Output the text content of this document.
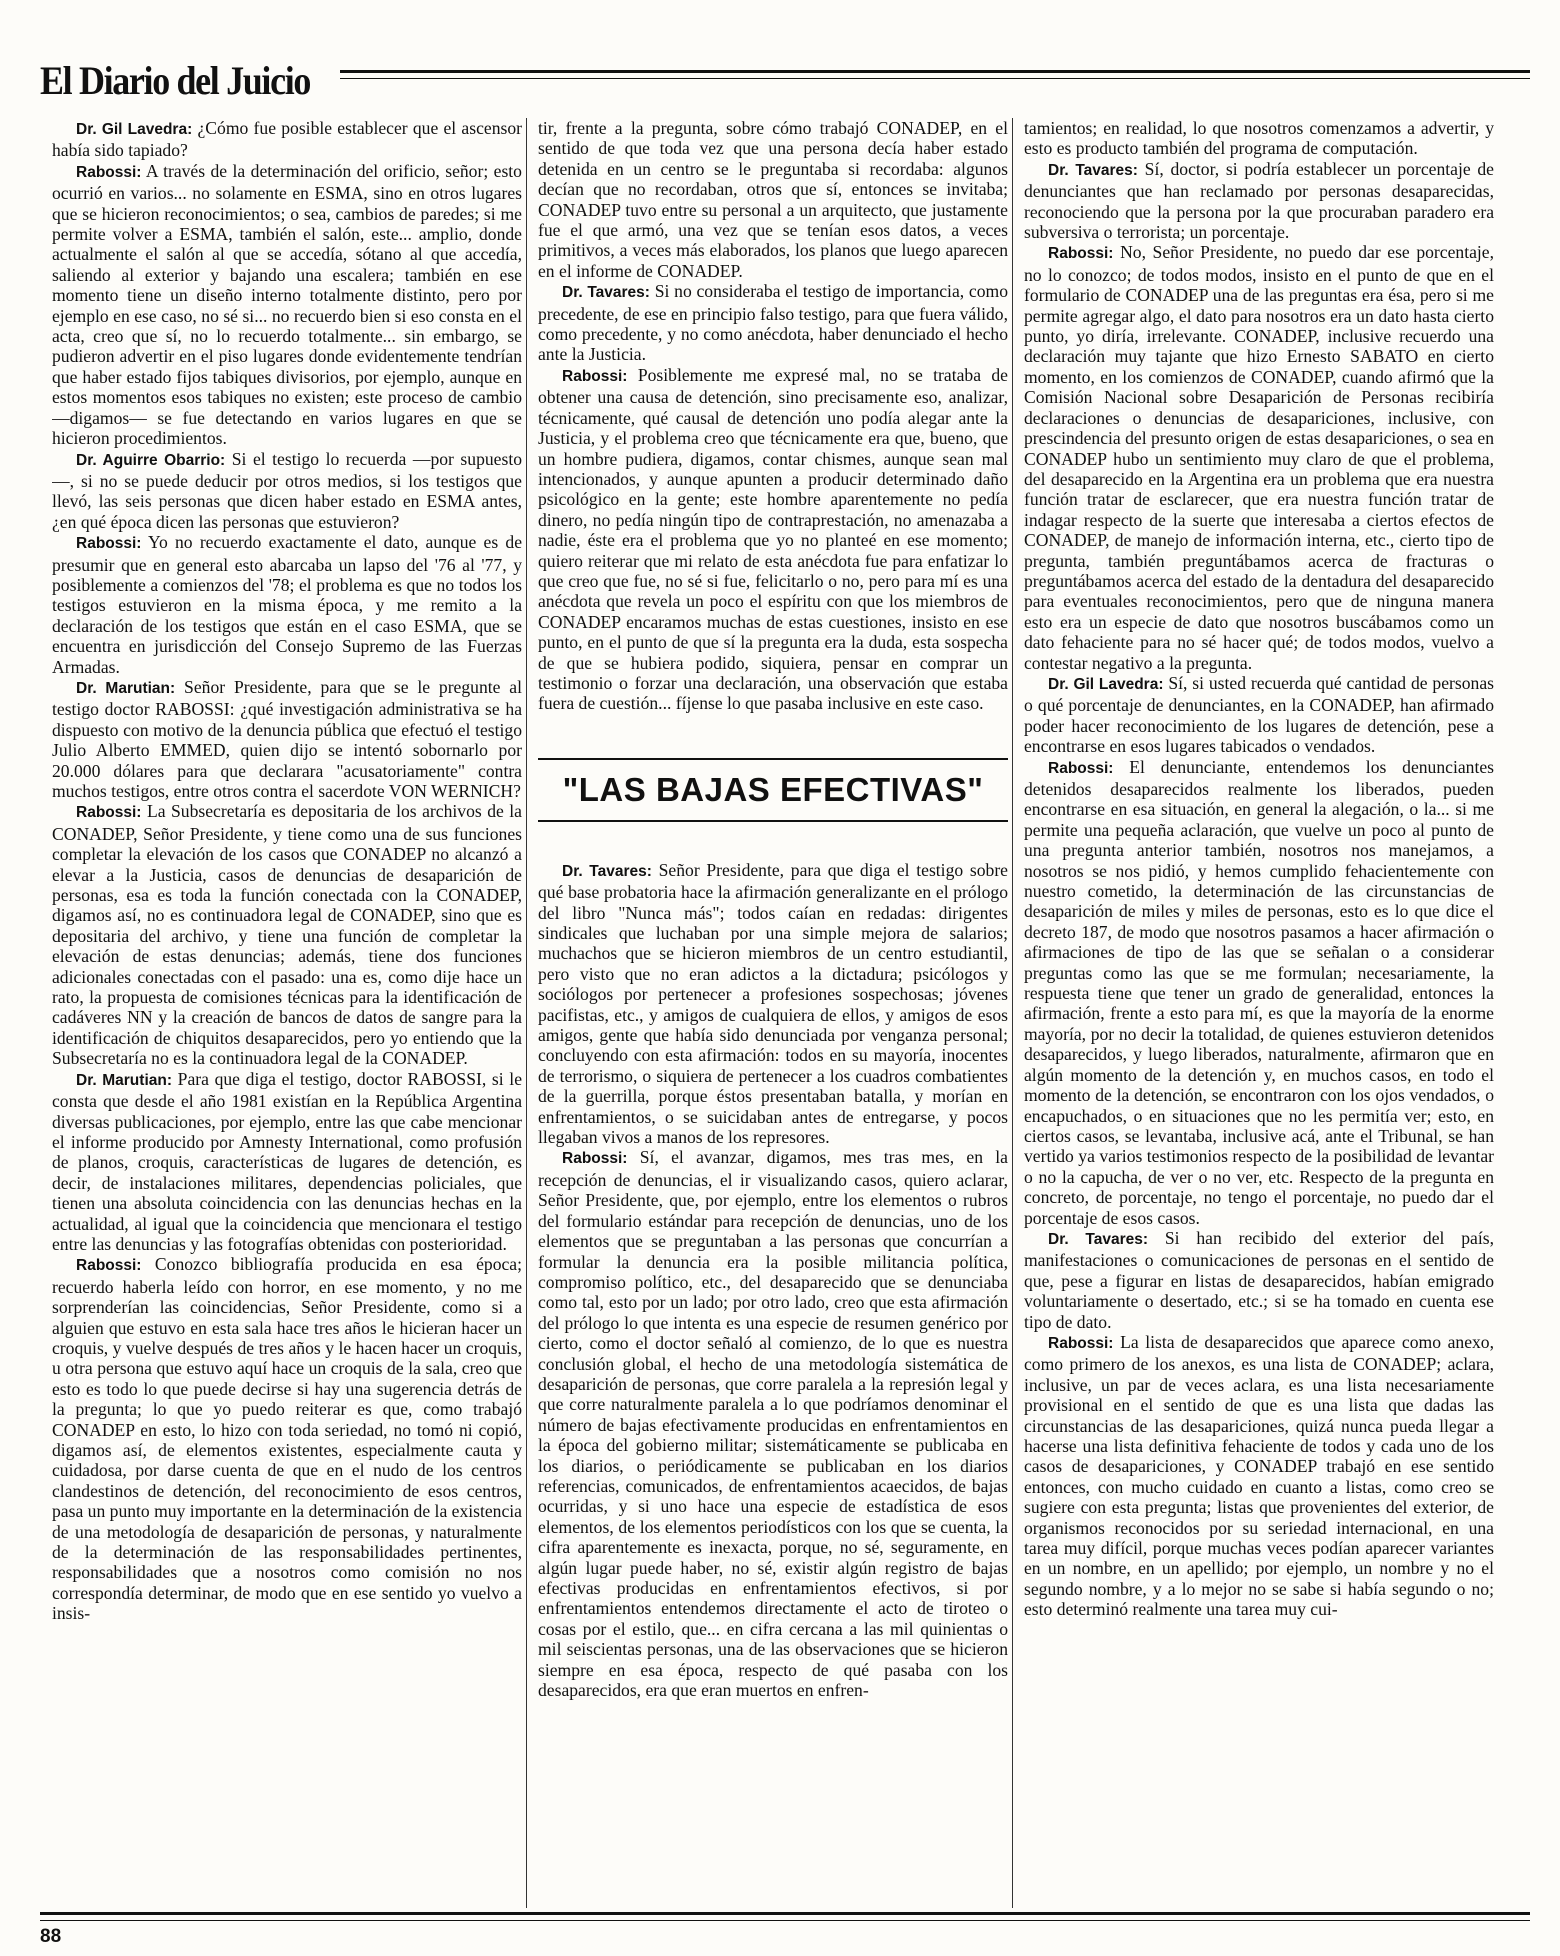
El Diario del Juicio

Dr. Gil Lavedra: ¿Cómo fue posible establecer que el ascensor había sido tapiado?

Rabossi: A través de la determinación del orificio, señor; esto ocurrió en varios... no solamente en ESMA, sino en otros lugares que se hicieron reconocimientos; o sea, cambios de paredes; si me permite volver a ESMA, también el salón, este... amplio, donde actualmente el salón al que se accedía, sótano al que accedía, saliendo al exterior y bajando una escalera; también en ese momento tiene un diseño interno totalmente distinto, pero por ejemplo en ese caso, no sé si... no recuerdo bien si eso consta en el acta, creo que sí, no lo recuerdo totalmente... sin embargo, se pudieron advertir en el piso lugares donde evidentemente tendrían que haber estado fijos tabiques divisorios, por ejemplo, aunque en estos momentos esos tabiques no existen; este proceso de cambio —digamos— se fue detectando en varios lugares en que se hicieron procedimientos.

Dr. Aguirre Obarrio: Si el testigo lo recuerda —por supuesto—, si no se puede deducir por otros medios, si los testigos que llevó, las seis personas que dicen haber estado en ESMA antes, ¿en qué época dicen las personas que estuvieron?

Rabossi: Yo no recuerdo exactamente el dato, aunque es de presumir que en general esto abarcaba un lapso del '76 al '77, y posiblemente a comienzos del '78; el problema es que no todos los testigos estuvieron en la misma época, y me remito a la declaración de los testigos que están en el caso ESMA, que se encuentra en jurisdicción del Consejo Supremo de las Fuerzas Armadas.

Dr. Marutian: Señor Presidente, para que se le pregunte al testigo doctor RABOSSI: ¿qué investigación administrativa se ha dispuesto con motivo de la denuncia pública que efectuó el testigo Julio Alberto EMMED, quien dijo se intentó sobornarlo por 20.000 dólares para que declarara "acusatoriamente" contra muchos testigos, entre otros contra el sacerdote VON WERNICH?

Rabossi: La Subsecretaría es depositaria de los archivos de la CONADEP, Señor Presidente, y tiene como una de sus funciones completar la elevación de los casos que CONADEP no alcanzó a elevar a la Justicia, casos de denuncias de desaparición de personas, esa es toda la función conectada con la CONADEP, digamos así, no es continuadora legal de CONADEP, sino que es depositaria del archivo, y tiene una función de completar la elevación de estas denuncias; además, tiene dos funciones adicionales conectadas con el pasado: una es, como dije hace un rato, la propuesta de comisiones técnicas para la identificación de cadáveres NN y la creación de bancos de datos de sangre para la identificación de chiquitos desaparecidos, pero yo entiendo que la Subsecretaría no es la continuadora legal de la CONADEP.

Dr. Marutian: Para que diga el testigo, doctor RABOSSI, si le consta que desde el año 1981 existían en la República Argentina diversas publicaciones, por ejemplo, entre las que cabe mencionar el informe producido por Amnesty International, como profusión de planos, croquis, características de lugares de detención, es decir, de instalaciones militares, dependencias policiales, que tienen una absoluta coincidencia con las denuncias hechas en la actualidad, al igual que la coincidencia que mencionara el testigo entre las denuncias y las fotografías obtenidas con posterioridad.

Rabossi: Conozco bibliografía producida en esa época; recuerdo haberla leído con horror, en ese momento, y no me sorprenderían las coincidencias, Señor Presidente, como si a alguien que estuvo en esta sala hace tres años le hicieran hacer un croquis, y vuelve después de tres años y le hacen hacer un croquis, u otra persona que estuvo aquí hace un croquis de la sala, creo que esto es todo lo que puede decirse si hay una sugerencia detrás de la pregunta; lo que yo puedo reiterar es que, como trabajó CONADEP en esto, lo hizo con toda seriedad, no tomó ni copió, digamos así, de elementos existentes, especialmente cauta y cuidadosa, por darse cuenta de que en el nudo de los centros clandestinos de detención, del reconocimiento de esos centros, pasa un punto muy importante en la determinación de la existencia de una metodología de desaparición de personas, y naturalmente de la determinación de las responsabilidades pertinentes, responsabilidades que a nosotros como comisión no nos correspondía determinar, de modo que en ese sentido yo vuelvo a insis-

tir, frente a la pregunta, sobre cómo trabajó CONADEP, en el sentido de que toda vez que una persona decía haber estado detenida en un centro se le preguntaba si recordaba: algunos decían que no recordaban, otros que sí, entonces se invitaba; CONADEP tuvo entre su personal a un arquitecto, que justamente fue el que armó, una vez que se tenían esos datos, a veces primitivos, a veces más elaborados, los planos que luego aparecen en el informe de CONADEP.

Dr. Tavares: Si no consideraba el testigo de importancia, como precedente, de ese en principio falso testigo, para que fuera válido, como precedente, y no como anécdota, haber denunciado el hecho ante la Justicia.

Rabossi: Posiblemente me expresé mal, no se trataba de obtener una causa de detención, sino precisamente eso, analizar, técnicamente, qué causal de detención uno podía alegar ante la Justicia, y el problema creo que técnicamente era que, bueno, que un hombre pudiera, digamos, contar chismes, aunque sean mal intencionados, y aunque apunten a producir determinado daño psicológico en la gente; este hombre aparentemente no pedía dinero, no pedía ningún tipo de contraprestación, no amenazaba a nadie, éste era el problema que yo no planteé en ese momento; quiero reiterar que mi relato de esta anécdota fue para enfatizar lo que creo que fue, no sé si fue, felicitarlo o no, pero para mí es una anécdota que revela un poco el espíritu con que los miembros de CONADEP encaramos muchas de estas cuestiones, insisto en ese punto, en el punto de que sí la pregunta era la duda, esta sospecha de que se hubiera podido, siquiera, pensar en comprar un testimonio o forzar una declaración, una observación que estaba fuera de cuestión... fíjense lo que pasaba inclusive en este caso.

"LAS BAJAS EFECTIVAS"

Dr. Tavares: Señor Presidente, para que diga el testigo sobre qué base probatoria hace la afirmación generalizante en el prólogo del libro "Nunca más"; todos caían en redadas: dirigentes sindicales que luchaban por una simple mejora de salarios; muchachos que se hicieron miembros de un centro estudiantil, pero visto que no eran adictos a la dictadura; psicólogos y sociólogos por pertenecer a profesiones sospechosas; jóvenes pacifistas, etc., y amigos de cualquiera de ellos, y amigos de esos amigos, gente que había sido denunciada por venganza personal; concluyendo con esta afirmación: todos en su mayoría, inocentes de terrorismo, o siquiera de pertenecer a los cuadros combatientes de la guerrilla, porque éstos presentaban batalla, y morían en enfrentamientos, o se suicidaban antes de entregarse, y pocos llegaban vivos a manos de los represores.

Rabossi: Sí, el avanzar, digamos, mes tras mes, en la recepción de denuncias, el ir visualizando casos, quiero aclarar, Señor Presidente, que, por ejemplo, entre los elementos o rubros del formulario estándar para recepción de denuncias, uno de los elementos que se preguntaban a las personas que concurrían a formular la denuncia era la posible militancia política, compromiso político, etc., del desaparecido que se denunciaba como tal, esto por un lado; por otro lado, creo que esta afirmación del prólogo lo que intenta es una especie de resumen genérico por cierto, como el doctor señaló al comienzo, de lo que es nuestra conclusión global, el hecho de una metodología sistemática de desaparición de personas, que corre paralela a la represión legal y que corre naturalmente paralela a lo que podríamos denominar el número de bajas efectivamente producidas en enfrentamientos en la época del gobierno militar; sistemáticamente se publicaba en los diarios, o periódicamente se publicaban en los diarios referencias, comunicados, de enfrentamientos acaecidos, de bajas ocurridas, y si uno hace una especie de estadística de esos elementos, de los elementos periodísticos con los que se cuenta, la cifra aparentemente es inexacta, porque, no sé, seguramente, en algún lugar puede haber, no sé, existir algún registro de bajas efectivas producidas en enfrentamientos efectivos, si por enfrentamientos entendemos directamente el acto de tiroteo o cosas por el estilo, que... en cifra cercana a las mil quinientas o mil seiscientas personas, una de las observaciones que se hicieron siempre en esa época, respecto de qué pasaba con los desaparecidos, era que eran muertos en enfren-

tamientos; en realidad, lo que nosotros comenzamos a advertir, y esto es producto también del programa de computación.

Dr. Tavares: Sí, doctor, si podría establecer un porcentaje de denunciantes que han reclamado por personas desaparecidas, reconociendo que la persona por la que procuraban paradero era subversiva o terrorista; un porcentaje.

Rabossi: No, Señor Presidente, no puedo dar ese porcentaje, no lo conozco; de todos modos, insisto en el punto de que en el formulario de CONADEP una de las preguntas era ésa, pero si me permite agregar algo, el dato para nosotros era un dato hasta cierto punto, yo diría, irrelevante. CONADEP, inclusive recuerdo una declaración muy tajante que hizo Ernesto SABATO en cierto momento, en los comienzos de CONADEP, cuando afirmó que la Comisión Nacional sobre Desaparición de Personas recibiría declaraciones o denuncias de desapariciones, inclusive, con prescindencia del presunto origen de estas desapariciones, o sea en CONADEP hubo un sentimiento muy claro de que el problema, del desaparecido en la Argentina era un problema que era nuestra función tratar de esclarecer, que era nuestra función tratar de indagar respecto de la suerte que interesaba a ciertos efectos de CONADEP, de manejo de información interna, etc., cierto tipo de pregunta, también preguntábamos acerca de fracturas o preguntábamos acerca del estado de la dentadura del desaparecido para eventuales reconocimientos, pero que de ninguna manera esto era un especie de dato que nosotros buscábamos como un dato fehaciente para no sé hacer qué; de todos modos, vuelvo a contestar negativo a la pregunta.

Dr. Gil Lavedra: Sí, si usted recuerda qué cantidad de personas o qué porcentaje de denunciantes, en la CONADEP, han afirmado poder hacer reconocimiento de los lugares de detención, pese a encontrarse en esos lugares tabicados o vendados.

Rabossi: El denunciante, entendemos los denunciantes detenidos desaparecidos realmente los liberados, pueden encontrarse en esa situación, en general la alegación, o la... si me permite una pequeña aclaración, que vuelve un poco al punto de una pregunta anterior también, nosotros nos manejamos, a nosotros se nos pidió, y hemos cumplido fehacientemente con nuestro cometido, la determinación de las circunstancias de desaparición de miles y miles de personas, esto es lo que dice el decreto 187, de modo que nosotros pasamos a hacer afirmación o afirmaciones de tipo de las que se señalan o a considerar preguntas como las que se me formulan; necesariamente, la respuesta tiene que tener un grado de generalidad, entonces la afirmación, frente a esto para mí, es que la mayoría de la enorme mayoría, por no decir la totalidad, de quienes estuvieron detenidos desaparecidos, y luego liberados, naturalmente, afirmaron que en algún momento de la detención y, en muchos casos, en todo el momento de la detención, se encontraron con los ojos vendados, o encapuchados, o en situaciones que no les permitía ver; esto, en ciertos casos, se levantaba, inclusive acá, ante el Tribunal, se han vertido ya varios testimonios respecto de la posibilidad de levantar o no la capucha, de ver o no ver, etc. Respecto de la pregunta en concreto, de porcentaje, no tengo el porcentaje, no puedo dar el porcentaje de esos casos.

Dr. Tavares: Si han recibido del exterior del país, manifestaciones o comunicaciones de personas en el sentido de que, pese a figurar en listas de desaparecidos, habían emigrado voluntariamente o desertado, etc.; si se ha tomado en cuenta ese tipo de dato.

Rabossi: La lista de desaparecidos que aparece como anexo, como primero de los anexos, es una lista de CONADEP; aclara, inclusive, un par de veces aclara, es una lista necesariamente provisional en el sentido de que es una lista que dadas las circunstancias de las desapariciones, quizá nunca pueda llegar a hacerse una lista definitiva fehaciente de todos y cada uno de los casos de desapariciones, y CONADEP trabajó en ese sentido entonces, con mucho cuidado en cuanto a listas, como creo se sugiere con esta pregunta; listas que provenientes del exterior, de organismos reconocidos por su seriedad internacional, en una tarea muy difícil, porque muchas veces podían aparecer variantes en un nombre, en un apellido; por ejemplo, un nombre y no el segundo nombre, y a lo mejor no se sabe si había segundo o no; esto determinó realmente una tarea muy cui-

88
